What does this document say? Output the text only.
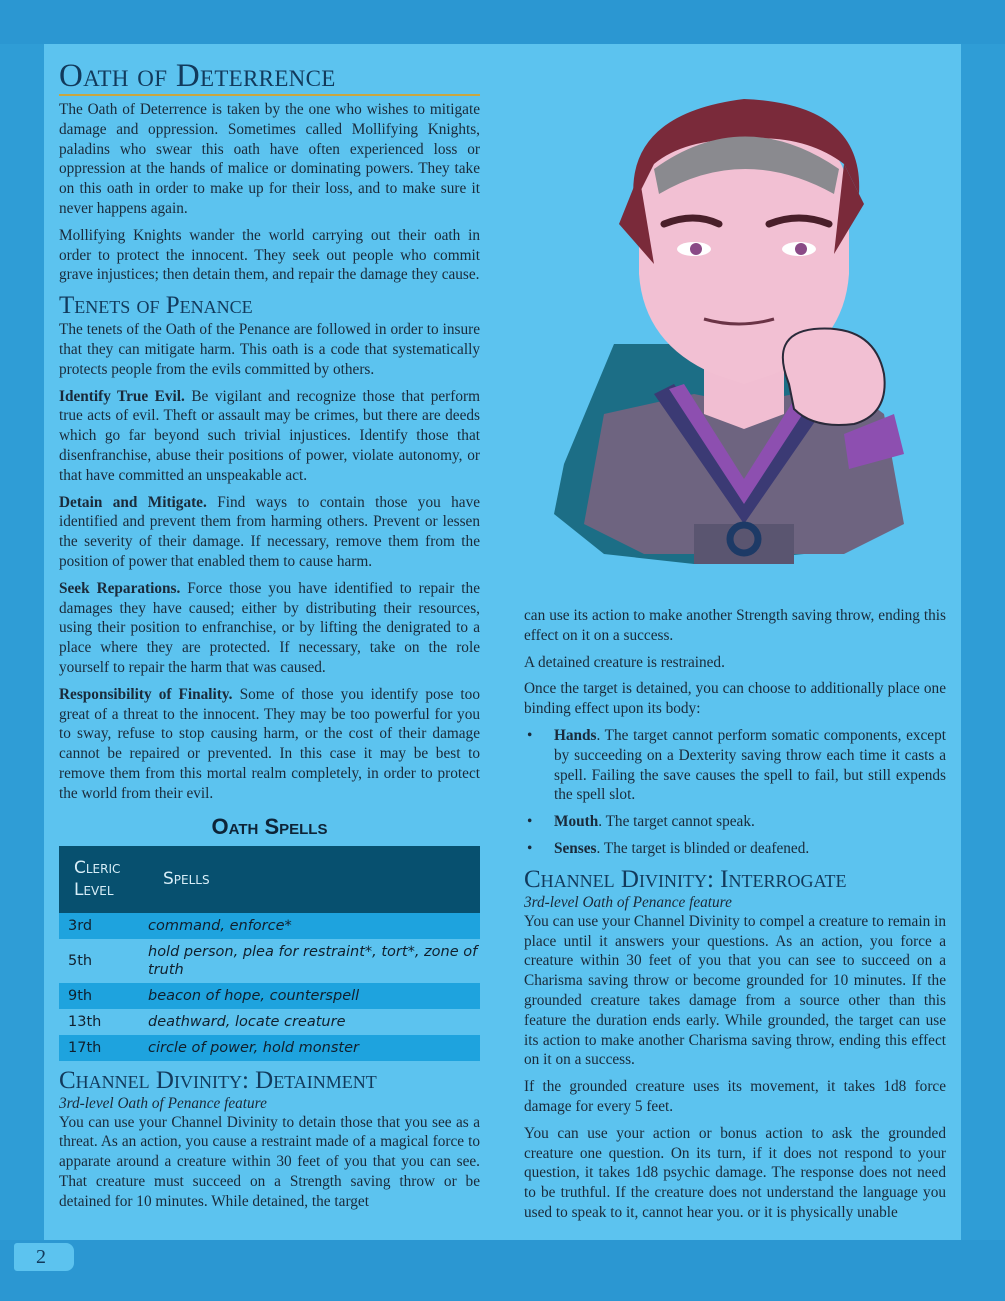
Oath of Deterrence

The Oath of Deterrence is taken by the one who wishes to mitigate damage and oppression. Sometimes called Mollifying Knights, paladins who swear this oath have often experienced loss or oppression at the hands of malice or dominating powers. They take on this oath in order to make up for their loss, and to make sure it never happens again.

Mollifying Knights wander the world carrying out their oath in order to protect the innocent. They seek out people who commit grave injustices; then detain them, and repair the damage they cause.

Tenets of Penance

The tenets of the Oath of the Penance are followed in order to insure that they can mitigate harm. This oath is a code that systematically protects people from the evils committed by others.

Identify True Evil. Be vigilant and recognize those that perform true acts of evil. Theft or assault may be crimes, but there are deeds which go far beyond such trivial injustices. Identify those that disenfranchise, abuse their positions of power, violate autonomy, or that have committed an unspeakable act.

Detain and Mitigate. Find ways to contain those you have identified and prevent them from harming others. Prevent or lessen the severity of their damage. If necessary, remove them from the position of power that enabled them to cause harm.

Seek Reparations. Force those you have identified to repair the damages they have caused; either by distributing their resources, using their position to enfranchise, or by lifting the denigrated to a place where they are protected. If necessary, take on the role yourself to repair the harm that was caused.

Responsibility of Finality. Some of those you identify pose too great of a threat to the innocent. They may be too powerful for you to sway, refuse to stop causing harm, or the cost of their damage cannot be repaired or prevented. In this case it may be best to remove them from this mortal realm completely, in order to protect the world from their evil.

Oath Spells
Cleric
Level	Spells
3rd	command, enforce*
5th	hold person, plea for restraint*, tort*, zone of truth
9th	beacon of hope, counterspell
13th	deathward, locate creature
17th	circle of power, hold monster
Channel Divinity: Detainment

3rd-level Oath of Penance feature

You can use your Channel Divinity to detain those that you see as a threat. As an action, you cause a restraint made of a magical force to apparate around a creature within 30 feet of you that you can see. That creature must succeed on a Strength saving throw or be detained for 10 minutes. While detained, the target

can use its action to make another Strength saving throw, ending this effect on it on a success.

A detained creature is restrained.

Once the target is detained, you can choose to additionally place one binding effect upon its body:

• Hands. The target cannot perform somatic components, except by succeeding on a Dexterity saving throw each time it casts a spell. Failing the save causes the spell to fail, but still expends the spell slot.
• Mouth. The target cannot speak.
• Senses. The target is blinded or deafened.
Channel Divinity: Interrogate

3rd-level Oath of Penance feature

You can use your Channel Divinity to compel a creature to remain in place until it answers your questions. As an action, you force a creature within 30 feet of you that you can see to succeed on a Charisma saving throw or become grounded for 10 minutes. If the grounded creature takes damage from a source other than this feature the duration ends early. While grounded, the target can use its action to make another Charisma saving throw, ending this effect on it on a success.

If the grounded creature uses its movement, it takes 1d8 force damage for every 5 feet.

You can use your action or bonus action to ask the grounded creature one question. On its turn, if it does not respond to your question, it takes 1d8 psychic damage. The response does not need to be truthful. If the creature does not understand the language you used to speak to it, cannot hear you. or it is physically unable

2
